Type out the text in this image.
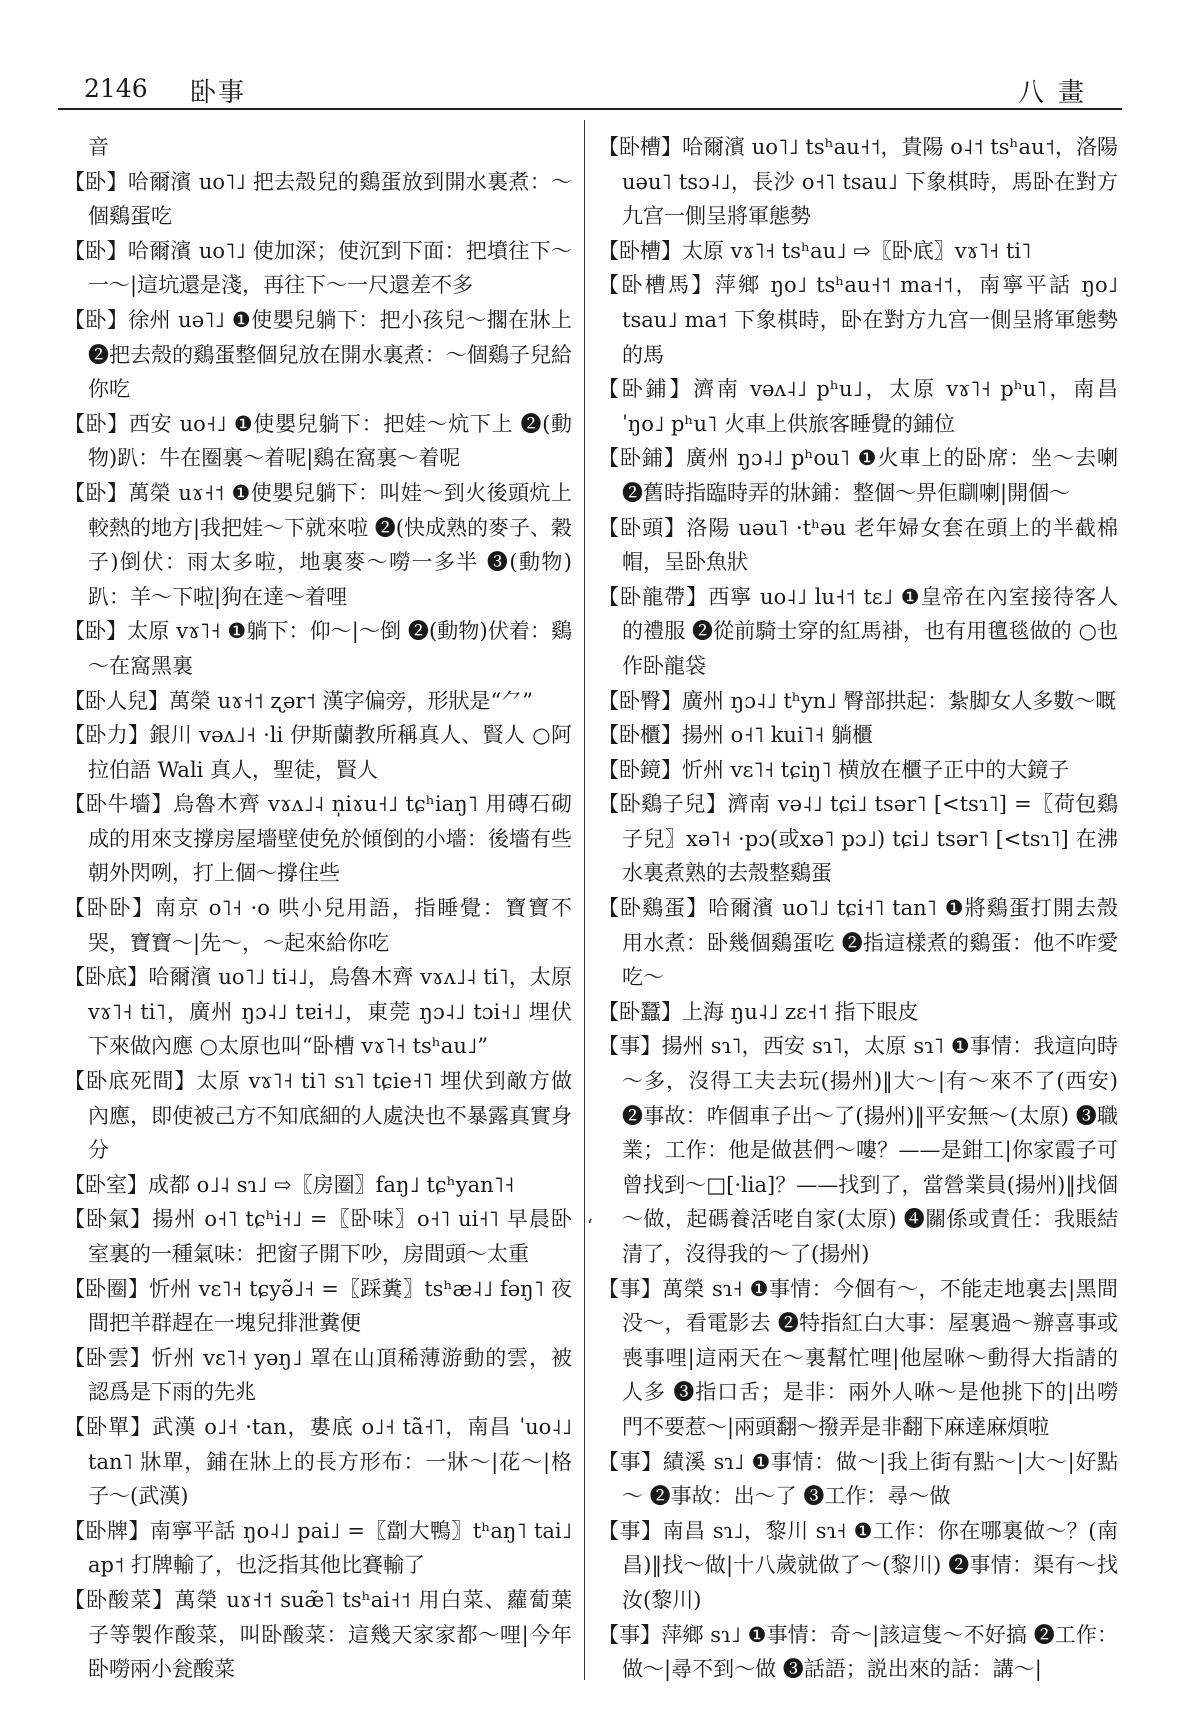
2146 卧事	八畫

音

【卧】哈爾濱 uo˥˩ 把去殼兒的鷄蛋放到開水裏煮：～個鷄蛋吃

【卧】哈爾濱 uo˥˩ 使加深；使沉到下面：把墳往下～一～|這坑還是淺，再往下～一尺還差不多

【卧】徐州 uə˥˩ ❶使嬰兒躺下：把小孩兒～擱在牀上 ❷把去殼的鷄蛋整個兒放在開水裏煮：～個鷄子兒給你吃

【卧】西安 uo˧˩ ❶使嬰兒躺下：把娃～炕下上 ❷(動物)趴：牛在圈裏～着呢|鷄在窩裏～着呢

【卧】萬榮 uɤ˧˦ ❶使嬰兒躺下：叫娃～到火後頭炕上較熱的地方|我把娃～下就來啦 ❷(快成熟的麥子、穀子)倒伏：雨太多啦，地裏麥～嘮一多半 ❸(動物)趴：羊～下啦|狗在達～着哩

【卧】太原 vɤ˥˧ ❶躺下：仰～|～倒 ❷(動物)伏着：鷄～在窩黑裏

【卧人兒】萬榮 uɤ˧˦ ʐər˦ 漢字偏旁，形狀是“⺈”

【卧力】銀川 vəʌ˩˧ ·li 伊斯蘭教所稱真人、賢人 ○阿拉伯語 Wali 真人，聖徒，賢人

【卧牛墻】烏魯木齊 vɤʌ˩˨ n̩iɤu˧˩ tɕʰiaŋ˥ 用磚石砌成的用來支撐房屋墻壁使免於傾倒的小墻：後墻有些朝外閃咧，打上個～撐住些

【卧卧】南京 o˥˧ ·o 哄小兒用語，指睡覺：寶寶不哭，寶寶～|先～，～起來給你吃

【卧底】哈爾濱 uo˥˩ ti˨˩，烏魯木齊 vɤʌ˩˨ ti˥，太原 vɤ˥˧ ti˥，廣州 ŋɔ˨˩ tɐi˧˩，東莞 ŋɔ˨˩ tɔi˧˩ 埋伏下來做內應 ○太原也叫“卧槽 vɤ˥˧ tsʰau˩”

【卧底死間】太原 vɤ˥˧ ti˥ sɿ˥ tɕie˧˥ 埋伏到敵方做內應，即使被己方不知底細的人處決也不暴露真實身分

【卧室】成都 o˩˨ sɿ˩ ⇨〖房圈〗faŋ˩ tɕʰyan˥˧

【卧氣】揚州 o˧˥ tɕʰi˧˩ =〖卧味〗o˧˥ ui˧˥ 早晨卧室裏的一種氣味：把窗子開下吵，房間頭～太重

【卧圈】忻州 vɛ˥˧ tɕyə̃˩˧ =〖踩糞〗tsʰæ˨˩ fəŋ˥ 夜間把羊群趕在一塊兒排泄糞便

【卧雲】忻州 vɛ˥˧ yəŋ˩ 罩在山頂稀薄游動的雲，被認爲是下雨的先兆

【卧單】武漢 o˩˧ ·tan，婁底 o˩˧ tã˧˥，南昌 ˈuo˨˩ tan˥ 牀單，鋪在牀上的長方形布：一牀～|花～|格子～(武漢)

【卧牌】南寧平話 ŋo˨˩ pai˩ =〖劏大鴨〗tʰaŋ˥ tai˩ ap˦ 打牌輸了，也泛指其他比賽輸了

【卧酸菜】萬榮 uɤ˧˦ suæ̃˥ tsʰai˧˦ 用白菜、蘿蔔葉子等製作酸菜，叫卧酸菜：這幾天家家都～哩|今年卧嘮兩小瓮酸菜

【卧槽】哈爾濱 uo˥˩ tsʰau˧˦，貴陽 o˨˦ tsʰau˦，洛陽 uəu˥ tsɔ˨˩，長沙 o˧˥ tsau˩ 下象棋時，馬卧在對方九宫一側呈將軍態勢

【卧槽】太原 vɤ˥˧ tsʰau˩ ⇨〖卧底〗vɤ˥˧ ti˥

【卧槽馬】萍鄉 ŋo˩ tsʰau˧˦ ma˧˦，南寧平話 ŋo˩ tsau˩ ma˦ 下象棋時，卧在對方九宫一側呈將軍態勢的馬

【卧鋪】濟南 vəʌ˨˩ pʰu˩，太原 vɤ˥˧ pʰu˥，南昌 ˈŋo˩ pʰu˥ 火車上供旅客睡覺的鋪位

【卧鋪】廣州 ŋɔ˨˩ pʰou˥ ❶火車上的卧席：坐～去喇 ❷舊時指臨時弄的牀鋪：整個～畀佢瞓喇|開個～

【卧頭】洛陽 uəu˥ ·tʰəu 老年婦女套在頭上的半截棉帽，呈卧魚狀

【卧龍帶】西寧 uo˨˩ lu˧˦ tɛ˩ ❶皇帝在內室接待客人的禮服 ❷從前騎士穿的紅馬褂，也有用氊毯做的 ○也作卧龍袋

【卧臀】廣州 ŋɔ˨˩ tʰyn˩ 臀部拱起：紮脚女人多數～嘅

【卧櫃】揚州 o˧˥ kui˥˧ 躺櫃

【卧鏡】忻州 vɛ˥˧ tɕiŋ˥ 横放在櫃子正中的大鏡子

【卧鷄子兒】濟南 və˨˩ tɕi˩ tsər˥ [<tsɿ˥] =〖荷包鷄子兒〗xə˥˧ ·pɔ(或xə˥ pɔ˩) tɕi˩ tsər˥ [<tsɿ˥] 在沸水裏煮熟的去殼整鷄蛋

【卧鷄蛋】哈爾濱 uo˥˩ tɕi˧˥ tan˥ ❶將鷄蛋打開去殼用水煮：卧幾個鷄蛋吃 ❷指這樣煮的鷄蛋：他不咋愛吃～

【卧蠶】上海 ŋu˨˩ zɛ˧˦ 指下眼皮

【事】揚州 sɿ˥，西安 sɿ˥，太原 sɿ˥ ❶事情：我這向時～多，沒得工夫去玩(揚州)‖大～|有～來不了(西安) ❷事故：咋個車子出～了(揚州)‖平安無～(太原) ❸職業；工作：他是做甚們～嘍？——是鉗工|你家霞子可曾找到～□[·lia]？——找到了，當營業員(揚州)‖找個～做，起碼養活咾自家(太原) ❹關係或責任：我賬結清了，沒得我的～了(揚州)

【事】萬榮 sɿ˧ ❶事情：今個有～，不能走地裏去|黑間没～，看電影去 ❷特指紅白大事：屋裏過～辦喜事或喪事哩|這兩天在～裏幫忙哩|他屋咻～動得大指請的人多 ❸指口舌；是非：兩外人咻～是他挑下的|出嘮門不要惹～|兩頭翻～撥弄是非翻下麻達麻煩啦

【事】績溪 sɿ˩ ❶事情：做～|我上街有點～|大～|好點～ ❷事故：出～了 ❸工作：尋～做

【事】南昌 sɿ˩，黎川 sɿ˧ ❶工作：你在哪裏做～？(南昌)‖找～做|十八歲就做了～(黎川) ❷事情：渠有～找汝(黎川)

【事】萍鄉 sɿ˩ ❶事情：奇～|該這隻～不好搞 ❷工作：做～|尋不到～做 ❸話語；説出來的話：講～|

‘
